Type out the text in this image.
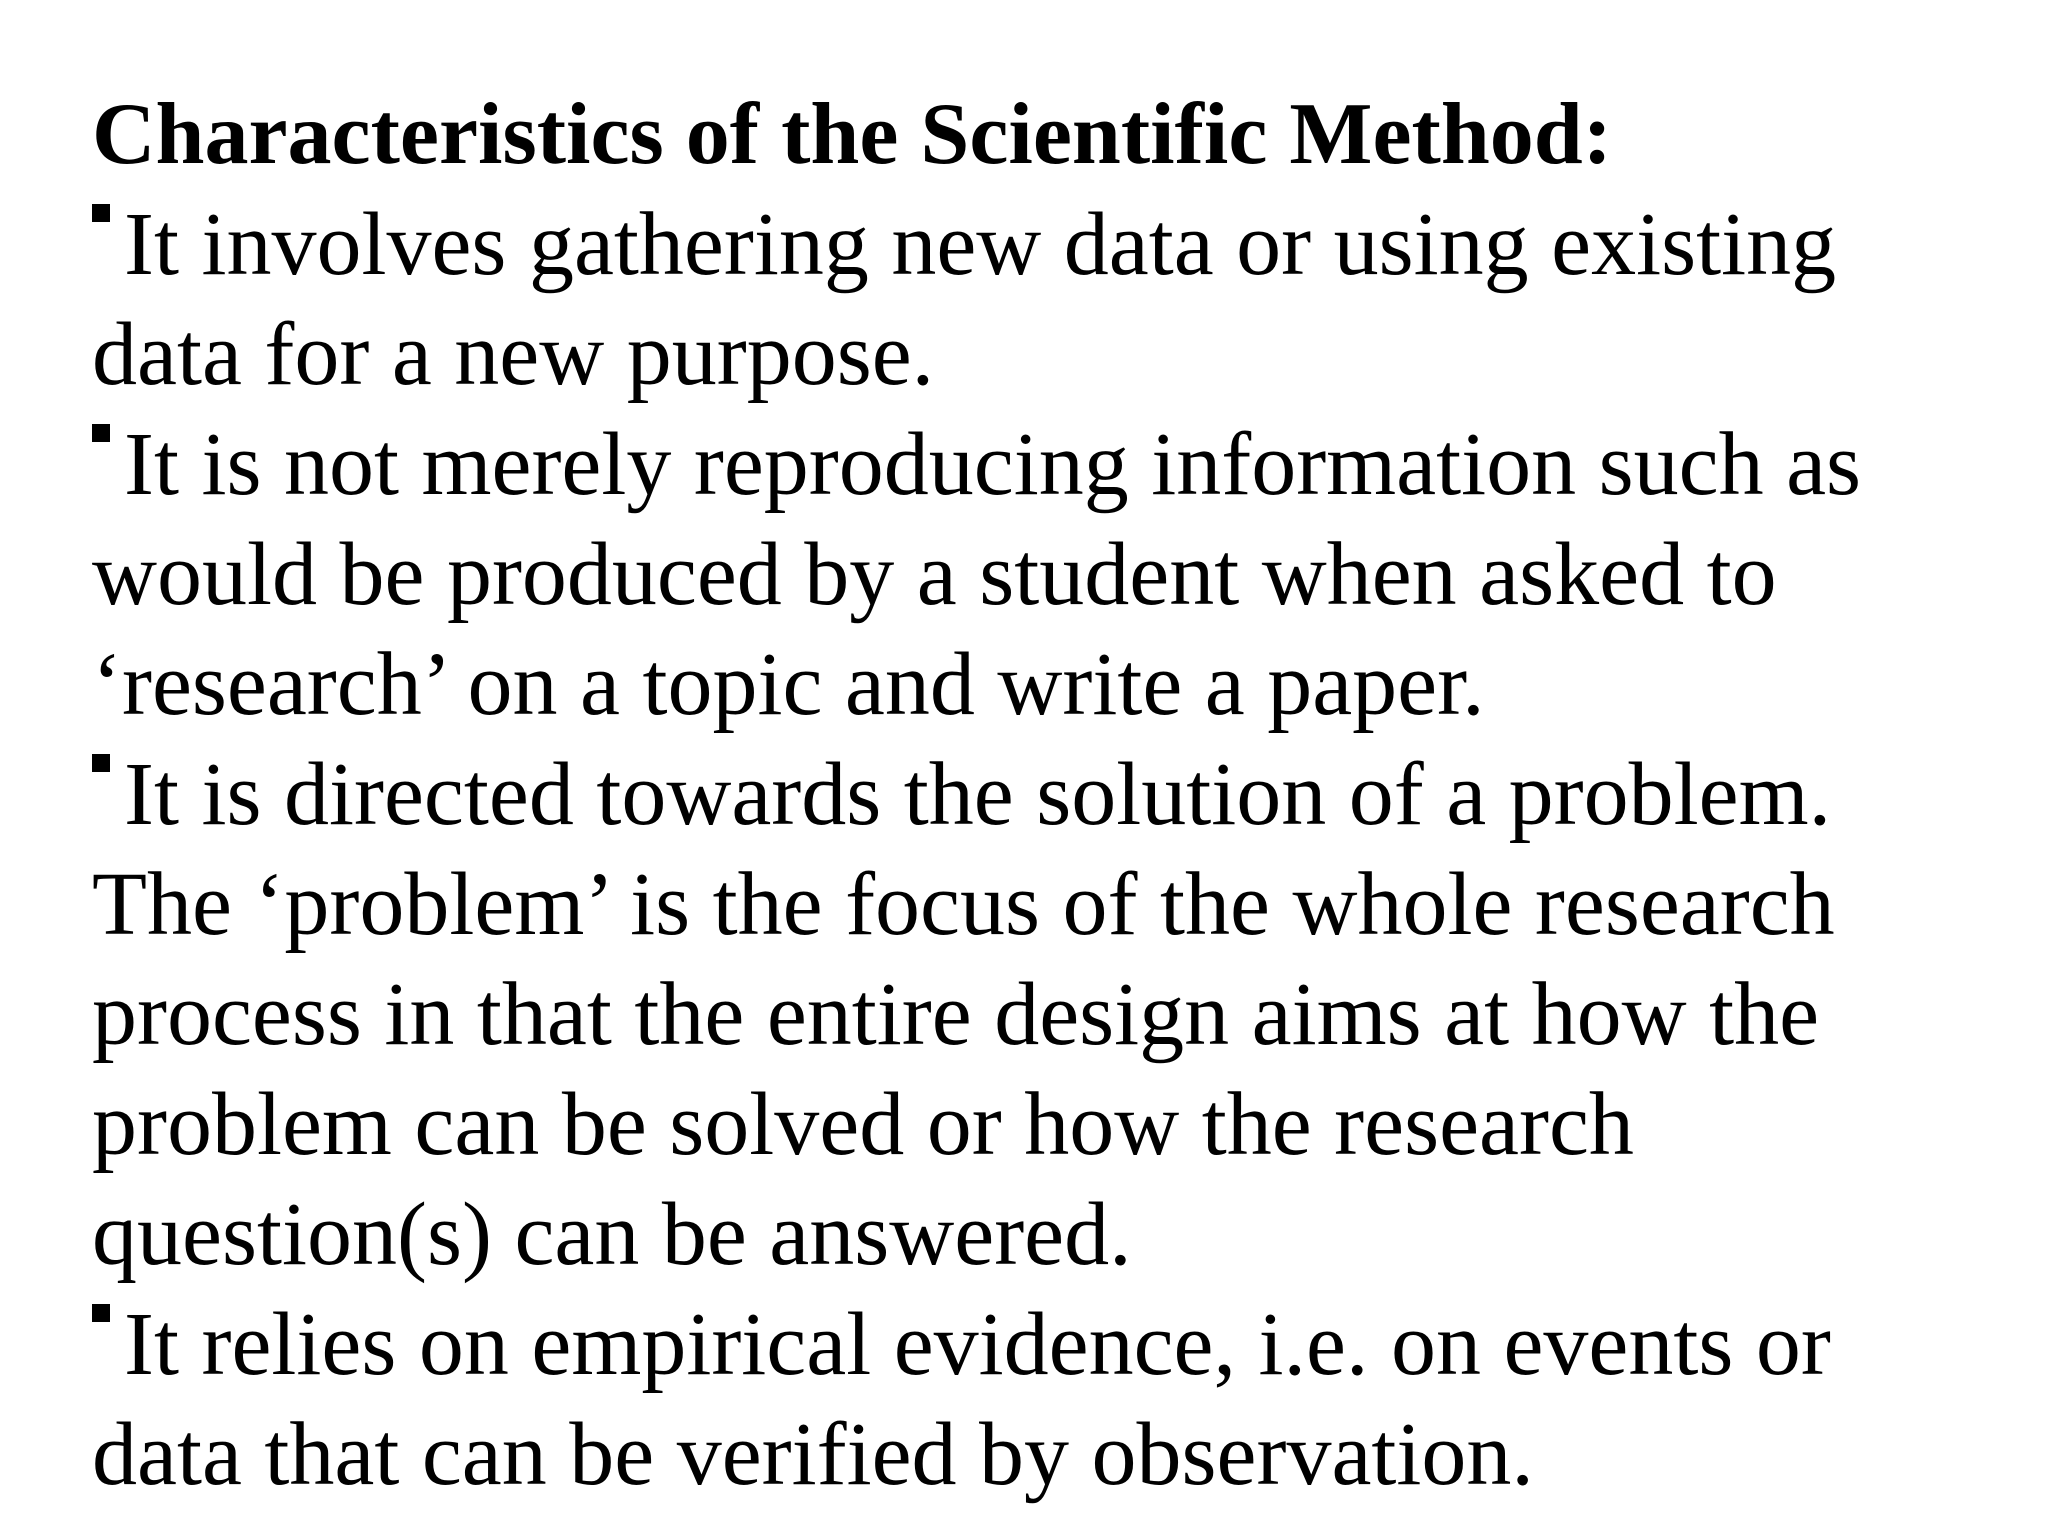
Characteristics of the Scientific Method:
It involves gathering new data or using existing
data for a new purpose.
It is not merely reproducing information such as
would be produced by a student when asked to
‘research’ on a topic and write a paper.
It is directed towards the solution of a problem.
The ‘problem’ is the focus of the whole research
process in that the entire design aims at how the
problem can be solved or how the research
question(s) can be answered.
It relies on empirical evidence, i.e. on events or
data that can be verified by observation.
